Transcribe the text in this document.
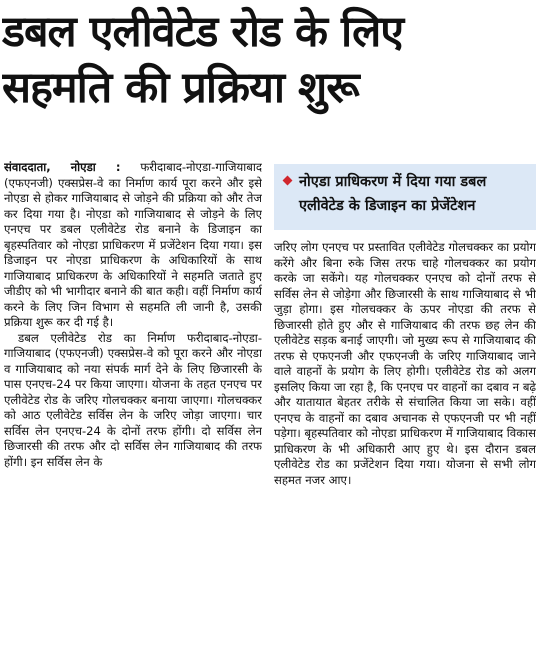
डबल एलीवेटेड रोड के लिए
सहमति की प्रक्रिया शुरू

संवाददाता, नोएडा : फरीदाबाद-नोएडा-गाजियाबाद (एफएनजी) एक्सप्रेस-वे का निर्माण कार्य पूरा करने और इसे नोएडा से होकर गाजियाबाद से जोड़ने की प्रक्रिया को और तेज कर दिया गया है। नोएडा को गाजियाबाद से जोड़ने के लिए एनएच पर डबल एलीवेटेड रोड बनाने के डिजाइन का बृहस्पतिवार को नोएडा प्राधिकरण में प्रजेंटेशन दिया गया। इस डिजाइन पर नोएडा प्राधिकरण के अधिकारियों के साथ गाजियाबाद प्राधिकरण के अधिकारियों ने सहमति जताते हुए जीडीए को भी भागीदार बनाने की बात कही। वहीं निर्माण कार्य करने के लिए जिन विभाग से सहमति ली जानी है, उसकी प्रक्रिया शुरू कर दी गई है।

डबल एलीवेटेड रोड का निर्माण फरीदाबाद-नोएडा-गाजियाबाद (एफएनजी) एक्सप्रेस-वे को पूरा करने और नोएडा व गाजियाबाद को नया संपर्क मार्ग देने के लिए छिजारसी के पास एनएच-24 पर किया जाएगा। योजना के तहत एनएच पर एलीवेटेड रोड के जरिए गोलचक्कर बनाया जाएगा। गोलचक्कर को आठ एलीवेटेड सर्विस लेन के जरिए जोड़ा जाएगा। चार सर्विस लेन एनएच-24 के दोनों तरफ होंगी। दो सर्विस लेन छिजारसी की तरफ और दो सर्विस लेन गाजियाबाद की तरफ होंगी। इन सर्विस लेन के

नोएडा प्राधिकरण में दिया गया डबल एलीवेटेड के डिजाइन का प्रेजेंटेशन

जरिए लोग एनएच पर प्रस्तावित एलीवेटेड गोलचक्कर का प्रयोग करेंगे और बिना रुके जिस तरफ चाहे गोलचक्कर का प्रयोग करके जा सकेंगे। यह गोलचक्कर एनएच को दोनों तरफ से सर्विस लेन से जोड़ेगा और छिजारसी के साथ गाजियाबाद से भी जुड़ा होगा। इस गोलचक्कर के ऊपर नोएडा की तरफ से छिजारसी होते हुए और से गाजियाबाद की तरफ छह लेन की एलीवेटेड सड़क बनाई जाएगी। जो मुख्य रूप से गाजियाबाद की तरफ से एफएनजी और एफएनजी के जरिए गाजियाबाद जाने वाले वाहनों के प्रयोग के लिए होगी। एलीवेटेड रोड को अलग इसलिए किया जा रहा है, कि एनएच पर वाहनों का दबाव न बढ़े और यातायात बेहतर तरीके से संचालित किया जा सके। वहीं एनएच के वाहनों का दबाव अचानक से एफएनजी पर भी नहीं पड़ेगा। बृहस्पतिवार को नोएडा प्राधिकरण में गाजियाबाद विकास प्राधिकरण के भी अधिकारी आए हुए थे। इस दौरान डबल एलीवेटेड रोड का प्रजेंटेशन दिया गया। योजना से सभी लोग सहमत नजर आए।
